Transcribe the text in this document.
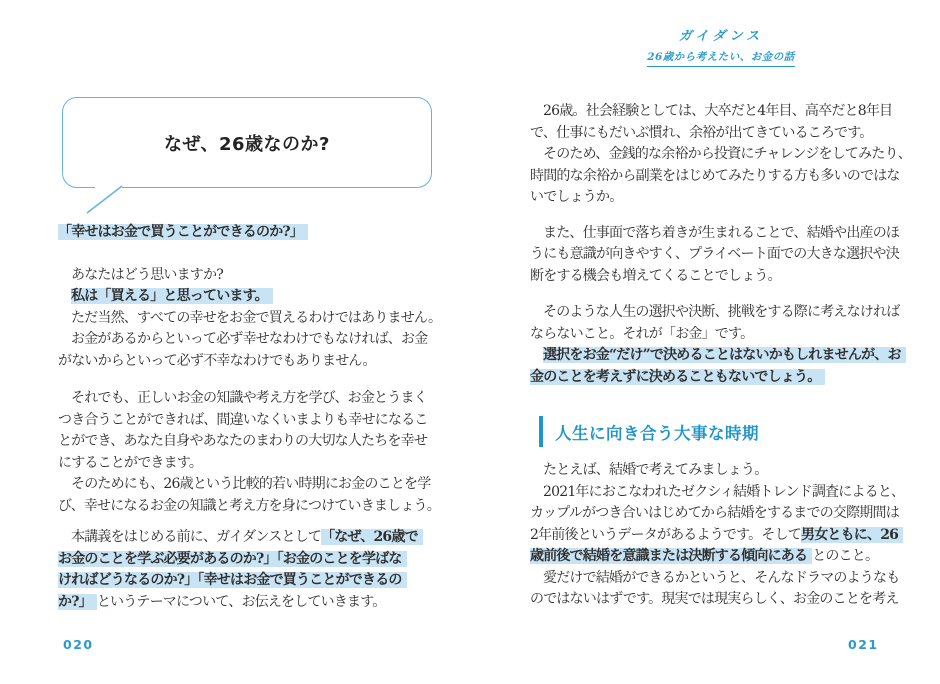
ガイダンス
26歳から考えたい、お金の話
なぜ、26歳なのか?
「幸せはお金で買うことができるのか?」
あなたはどう思いますか?
私は「買える」と思っています。
ただ当然、すべての幸せをお金で買えるわけではありません。
お金があるからといって必ず幸せなわけでもなければ、お金
がないからといって必ず不幸なわけでもありません。
それでも、正しいお金の知識や考え方を学び、お金とうまく
つき合うことができれば、間違いなくいまよりも幸せになるこ
とができ、あなた自身やあなたのまわりの大切な人たちを幸せ
にすることができます。
そのためにも、26歳という比較的若い時期にお金のことを学
び、幸せになるお金の知識と考え方を身につけていきましょう。
本講義をはじめる前に、ガイダンスとして「なぜ、26歳で
お金のことを学ぶ必要があるのか?」「お金のことを学ばな
ければどうなるのか?」「幸せはお金で買うことができるの
か?」 というテーマについて、お伝えをしていきます。
26歳。社会経験としては、大卒だと4年目、高卒だと8年目
で、仕事にもだいぶ慣れ、余裕が出てきているころです。
そのため、金銭的な余裕から投資にチャレンジをしてみたり、
時間的な余裕から副業をはじめてみたりする方も多いのではな
いでしょうか。
また、仕事面で落ち着きが生まれることで、結婚や出産のほ
うにも意識が向きやすく、プライベート面での大きな選択や決
断をする機会も増えてくることでしょう。
そのような人生の選択や決断、挑戦をする際に考えなければ
ならないこと。それが「お金」です。
選択をお金“だけ”で決めることはないかもしれませんが、お
金のことを考えずに決めることもないでしょう。
人生に向き合う大事な時期
たとえば、結婚で考えてみましょう。
2021年におこなわれたゼクシィ結婚トレンド調査によると、
カップルがつき合いはじめてから結婚をするまでの交際期間は
2年前後というデータがあるようです。そして男女ともに、26
歳前後で結婚を意識または決断する傾向にある とのこと。
愛だけで結婚ができるかというと、そんなドラマのようなも
のではないはずです。現実では現実らしく、お金のことを考え
020	021
